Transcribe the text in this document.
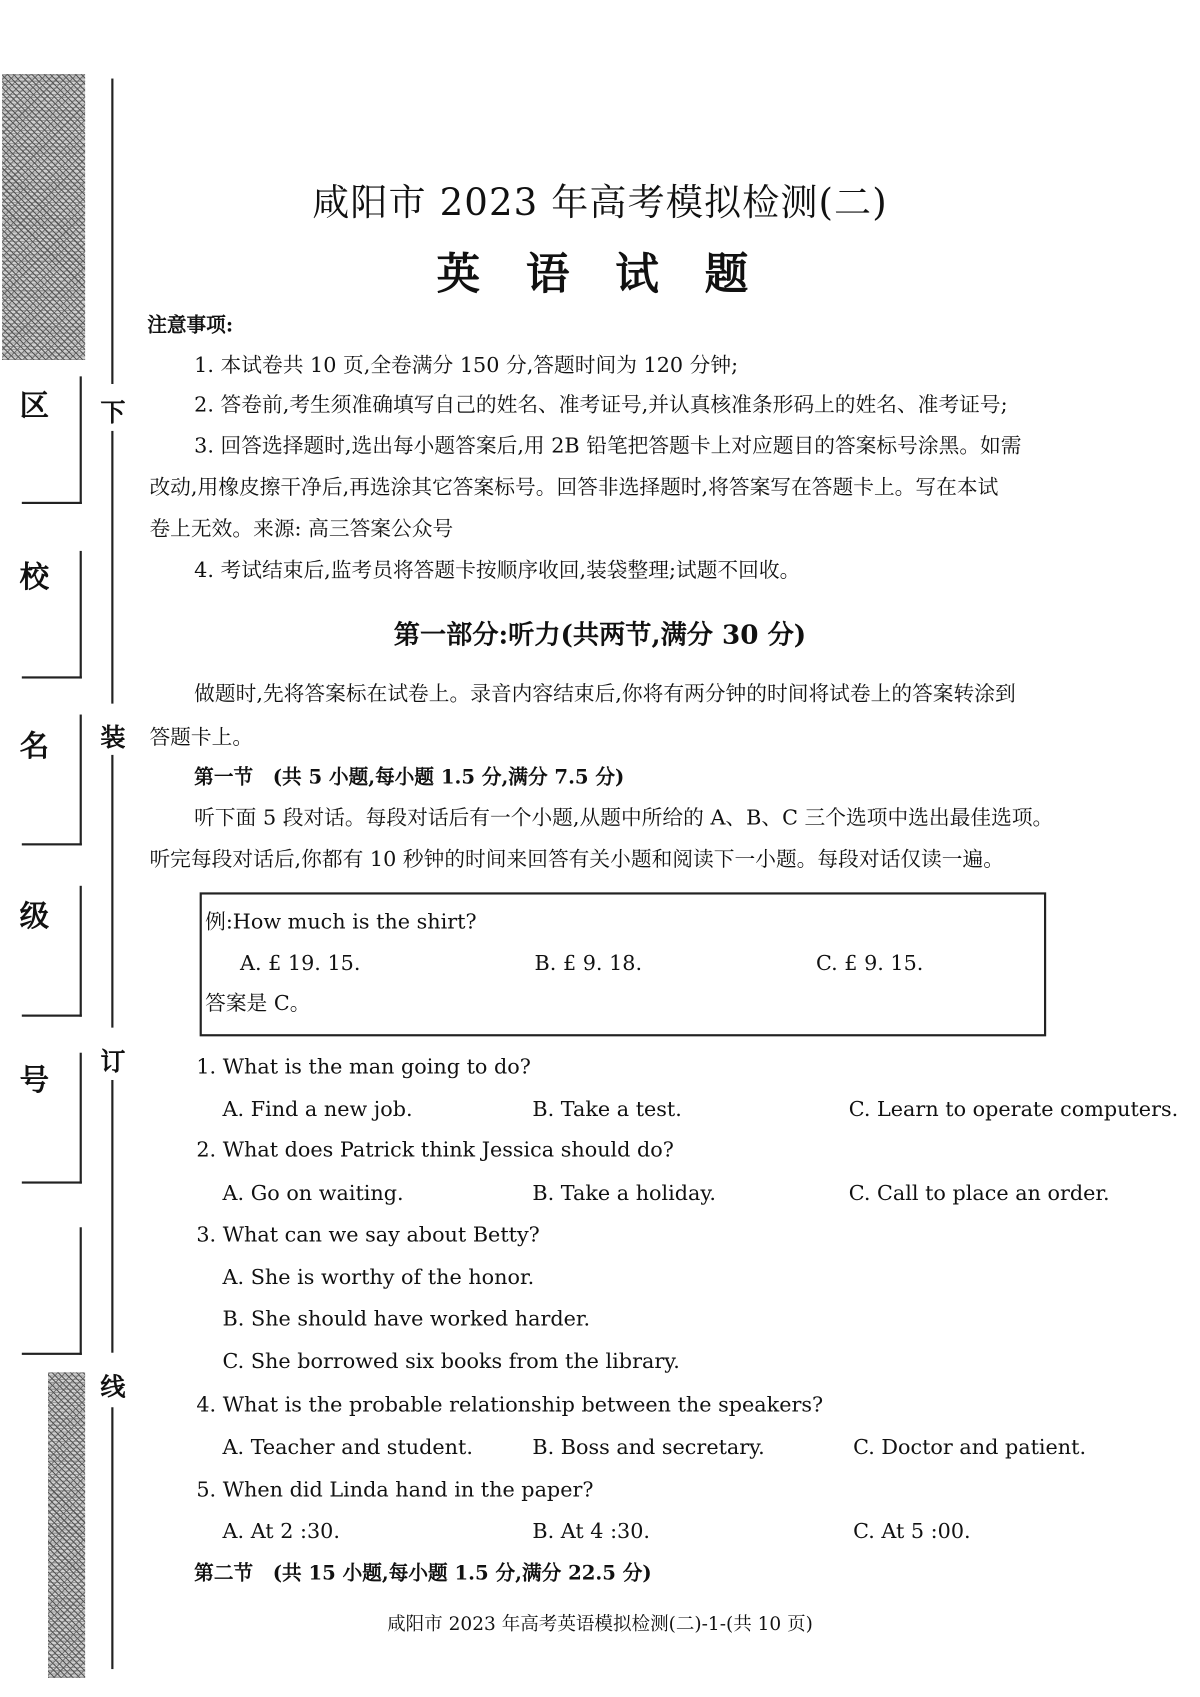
下
装
订
线
区
校
名
级
号
咸阳市 2023 年高考模拟检测(二)
英 语 试 题
注意事项:
1. 本试卷共 10 页,全卷满分 150 分,答题时间为 120 分钟;
2. 答卷前,考生须准确填写自己的姓名、准考证号,并认真核准条形码上的姓名、准考证号;
3. 回答选择题时,选出每小题答案后,用 2B 铅笔把答题卡上对应题目的答案标号涂黑。如需
改动,用橡皮擦干净后,再选涂其它答案标号。回答非选择题时,将答案写在答题卡上。写在本试
卷上无效。来源: 高三答案公众号
4. 考试结束后,监考员将答题卡按顺序收回,装袋整理;试题不回收。
第一部分:听力(共两节,满分 30 分)
做题时,先将答案标在试卷上。录音内容结束后,你将有两分钟的时间将试卷上的答案转涂到
答题卡上。
第一节　(共 5 小题,每小题 1.5 分,满分 7.5 分)
听下面 5 段对话。每段对话后有一个小题,从题中所给的 A、B、C 三个选项中选出最佳选项。
听完每段对话后,你都有 10 秒钟的时间来回答有关小题和阅读下一小题。每段对话仅读一遍。
例:How much is the shirt?
A. £ 19. 15.	B. £ 9. 18.	C. £ 9. 15.
答案是 C。
1. What is the man going to do?
A. Find a new job.	B. Take a test.	C. Learn to operate computers.
2. What does Patrick think Jessica should do?
A. Go on waiting.	B. Take a holiday.	C. Call to place an order.
3. What can we say about Betty?
A. She is worthy of the honor.
B. She should have worked harder.
C. She borrowed six books from the library.
4. What is the probable relationship between the speakers?
A. Teacher and student.	B. Boss and secretary.	C. Doctor and patient.
5. When did Linda hand in the paper?
A. At 2 :30.	B. At 4 :30.	C. At 5 :00.
第二节　(共 15 小题,每小题 1.5 分,满分 22.5 分)
咸阳市 2023 年高考英语模拟检测(二)-1-(共 10 页)
